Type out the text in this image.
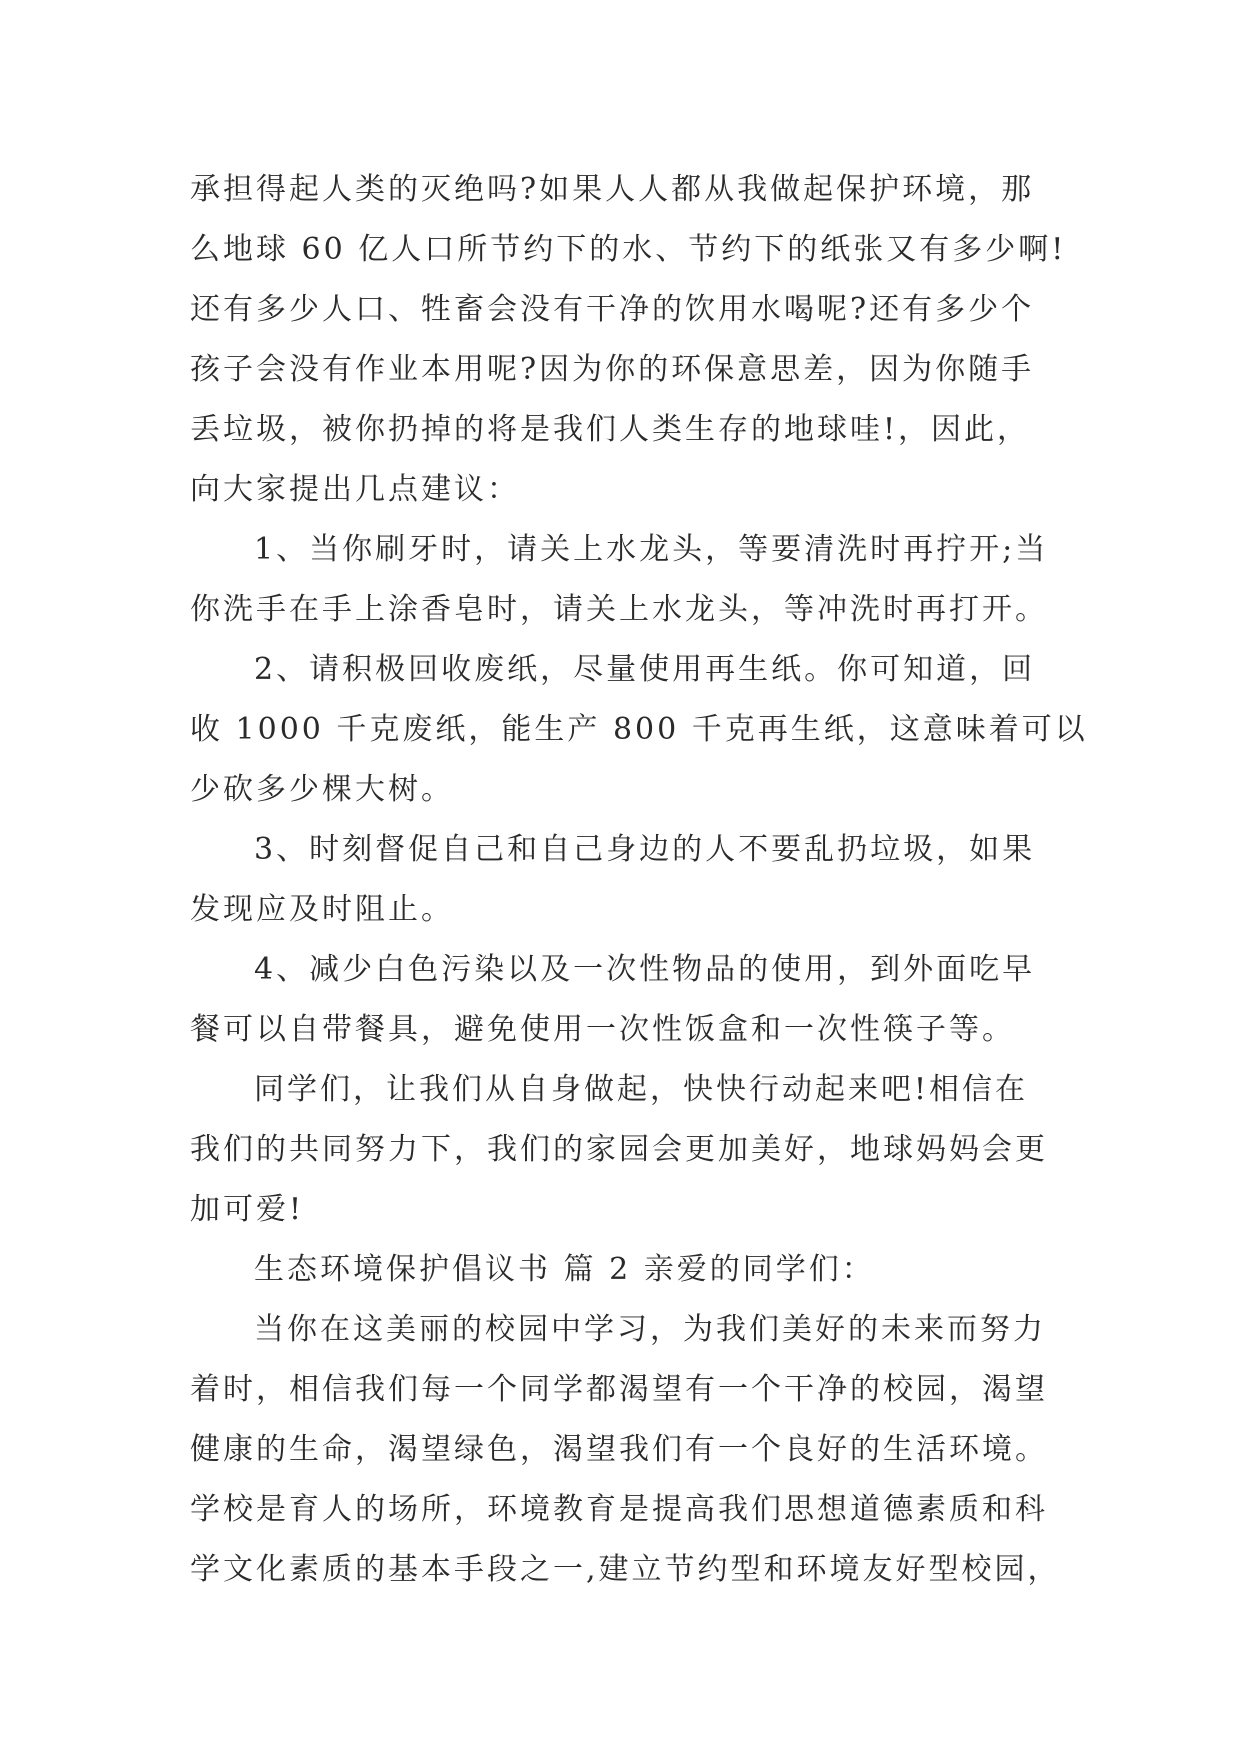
承担得起人类的灭绝吗?如果人人都从我做起保护环境，那
么地球 60 亿人口所节约下的水、节约下的纸张又有多少啊!
还有多少人口、牲畜会没有干净的饮用水喝呢?还有多少个
孩子会没有作业本用呢?因为你的环保意思差，因为你随手
丢垃圾，被你扔掉的将是我们人类生存的地球哇!，因此，
向大家提出几点建议：
1、当你刷牙时，请关上水龙头，等要清洗时再拧开;当
你洗手在手上涂香皂时，请关上水龙头，等冲洗时再打开。
2、请积极回收废纸，尽量使用再生纸。你可知道，回
收 1000 千克废纸，能生产 800 千克再生纸，这意味着可以
少砍多少棵大树。
3、时刻督促自己和自己身边的人不要乱扔垃圾，如果
发现应及时阻止。
4、减少白色污染以及一次性物品的使用，到外面吃早
餐可以自带餐具，避免使用一次性饭盒和一次性筷子等。
同学们，让我们从自身做起，快快行动起来吧!相信在
我们的共同努力下，我们的家园会更加美好，地球妈妈会更
加可爱!
生态环境保护倡议书 篇 2 亲爱的同学们：
当你在这美丽的校园中学习，为我们美好的未来而努力
着时，相信我们每一个同学都渴望有一个干净的校园，渴望
健康的生命，渴望绿色，渴望我们有一个良好的生活环境。
学校是育人的场所，环境教育是提高我们思想道德素质和科
学文化素质的基本手段之一,建立节约型和环境友好型校园，
